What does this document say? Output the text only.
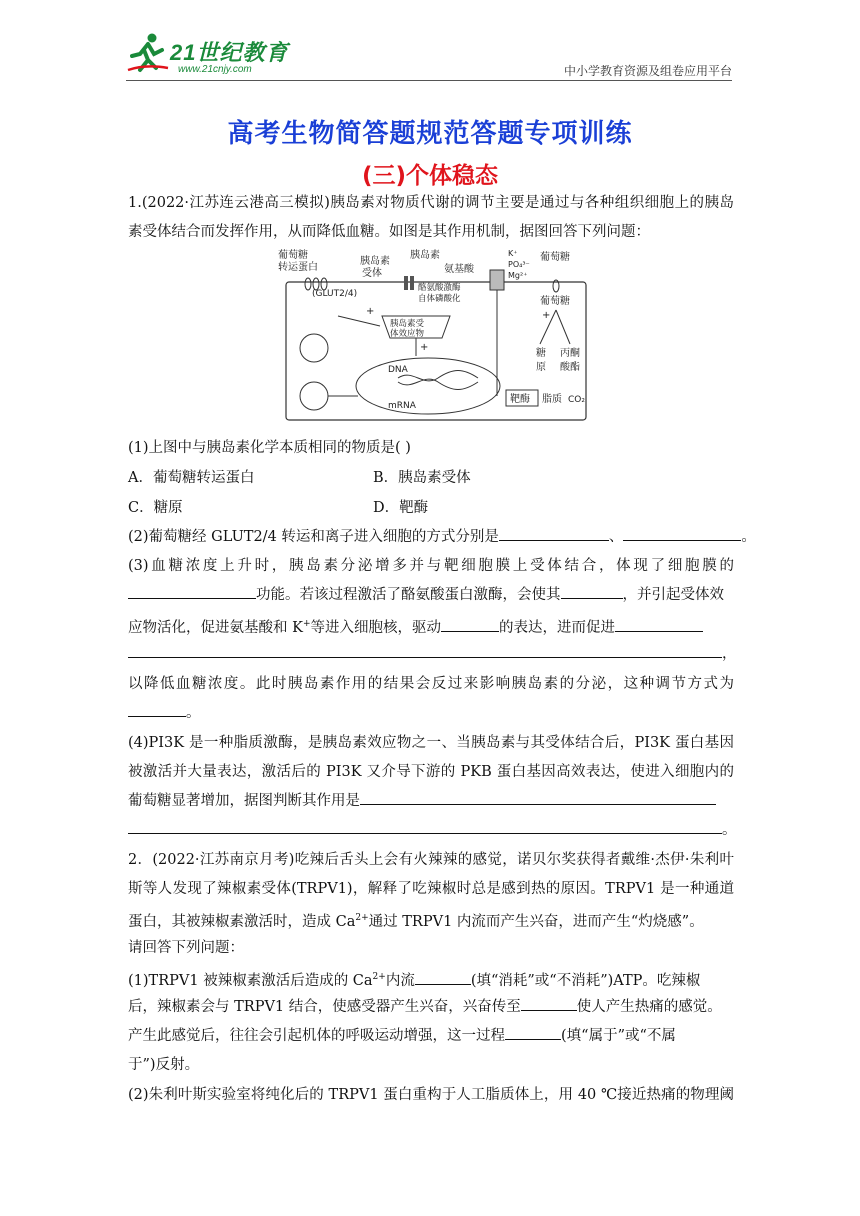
21世纪教育
www.21cnjy.com	中小学教育资源及组卷应用平台
高考生物简答题规范答题专项训练
(三)个体稳态
1.(2022·江苏连云港高三模拟)胰岛素对物质代谢的调节主要是通过与各种组织细胞上的胰岛
素受体结合而发挥作用，从而降低血糖。如图是其作用机制，据图回答下列问题：
葡萄糖
转运蛋白
胰岛素
受体
胰岛素
氨基酸
K⁺
PO₄³⁻
Mg²⁺
葡萄糖
葡萄糖
(GLUT2/4)
酪氨酸激酶
自体磷酸化
胰岛素受
体效应物
DNA
mRNA
靶酶
糖
原
丙酮
酸酯
脂质 CO₂
+
+
+
(1)上图中与胰岛素化学本质相同的物质是( )
A．葡萄糖转运蛋白	B．胰岛素受体
C．糖原	D．靶酶
(2)葡萄糖经 GLUT2/4 转运和离子进入细胞的方式分别是	、	。
(3)血糖浓度上升时，胰岛素分泌增多并与靶细胞膜上受体结合，体现了细胞膜的
功能。若该过程激活了酪氨酸蛋白激酶，会使其	，并引起受体效
应物活化，促进氨基酸和 K+等进入细胞核，驱动	的表达，进而促进
，
以降低血糖浓度。此时胰岛素作用的结果会反过来影响胰岛素的分泌，这种调节方式为
。
(4)PI3K 是一种脂质激酶，是胰岛素效应物之一、当胰岛素与其受体结合后，PI3K 蛋白基因
被激活并大量表达，激活后的 PI3K 又介导下游的 PKB 蛋白基因高效表达，使进入细胞内的
葡萄糖显著增加，据图判断其作用是
。
2．(2022·江苏南京月考)吃辣后舌头上会有火辣辣的感觉，诺贝尔奖获得者戴维·杰伊·朱利叶
斯等人发现了辣椒素受体(TRPV1)，解释了吃辣椒时总是感到热的原因。TRPV1 是一种通道
蛋白，其被辣椒素激活时，造成 $Ca^{2+}$通过 TRPV1 内流而产生兴奋，进而产生“灼烧感”。
请回答下列问题：
(1)TRPV1 被辣椒素激活后造成的 $Ca^{2+}$内流	(填“消耗”或“不消耗”)ATP。吃辣椒
后，辣椒素会与 TRPV1 结合，使感受器产生兴奋，兴奋传至	使人产生热痛的感觉。
产生此感觉后，往往会引起机体的呼吸运动增强，这一过程	(填“属于”或“不属
于”)反射。
(2)朱利叶斯实验室将纯化后的 TRPV1 蛋白重构于人工脂质体上，用 40 ℃接近热痛的物理阈
